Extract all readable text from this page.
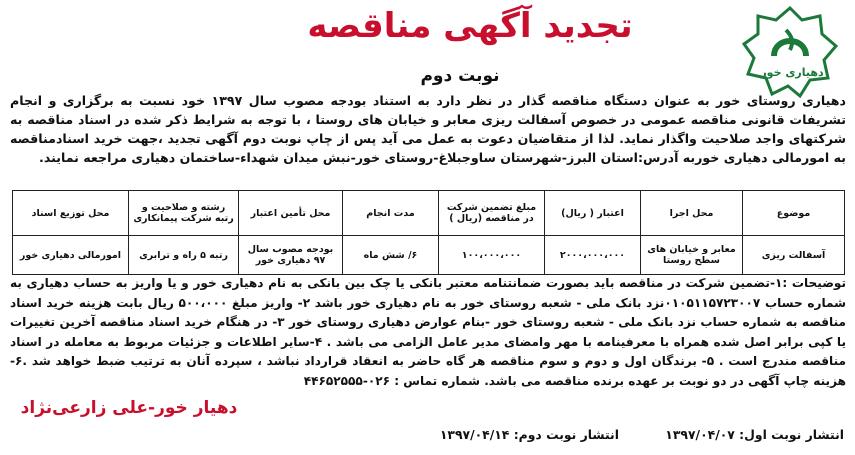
تجدید آگهی مناقصه
نوبت دوم	دهیاری خور
دهیاری روستای خور به عنوان دستگاه مناقصه گذار در نظر دارد به استناد بودجه مصوب سال ۱۳۹۷ خود نسبت به برگزاری و انجام تشریفات قانونی مناقصه عمومی در خصوص آسفالت ریزی معابر و خیابان های روستا ، با توجه به شرایط ذکر شده در اسناد مناقصه به شرکتهای واجد صلاحیت واگذار نماید. لذا از متقاضیان دعوت به عمل می آید پس از چاپ نوبت دوم آگهی تجدید ،جهت خرید اسنادمناقصه به امورمالی دهیاری خوربه آدرس:استان البرز-شهرستان ساوجبلاغ-روستای خور-نبش میدان شهداء-ساختمان دهیاری مراجعه نمایند.
موضوع	محل اجرا	اعتبار ( ریال)	مبلغ تضمین شرکت در مناقصه (ریال )	مدت انجام	محل تأمین اعتبار	رشته و صلاحیت و رتبه شرکت پیمانکاری	محل توزیع اسناد
آسفالت ریزی	معابر و خیابان های سطح روستا	۲۰۰۰،۰۰۰،۰۰۰	۱۰۰،۰۰۰،۰۰۰	۶/ شش ماه	بودجه مصوب سال ۹۷ دهیاری خور	رتبه ۵ راه و ترابری	امورمالی دهیاری خور
توضیحات :۱-تضمین شرکت در مناقصه باید بصورت ضمانتنامه معتبر بانکی یا چک بین بانکی به نام دهیاری خور و یا واریز به حساب دهیاری به شماره حساب ۰۱۰۵۱۱۵۷۲۳۰۰۷نزد بانک ملی - شعبه روستای خور به نام دهیاری خور باشد ۲- واریز مبلغ ۵۰۰،۰۰۰ ریال بابت هزینه خرید اسناد مناقصه به شماره حساب نزد بانک ملی - شعبه روستای خور -بنام عوارض دهیاری روستای خور ۳- در هنگام خرید اسناد مناقصه آخرین تغییرات یا کپی برابر اصل شده همراه با معرفینامه با مهر وامضای مدیر عامل الزامی می باشد . ۴-سایر اطلاعات و جزئیات مربوط به معامله در اسناد مناقصه مندرج است . ۵- برندگان اول و دوم و سوم مناقصه هر گاه حاضر به انعقاد قرارداد نباشد ، سپرده آنان به ترتیب ضبط خواهد شد .۶- هزینه چاپ آگهی در دو نوبت بر عهده برنده مناقصه می باشد. شماره تماس : ۰۲۶-۴۴۶۵۲۵۵۵
دهیار خور-علی زارعی‌نژاد
انتشار نوبت اول: ۱۳۹۷/۰۴/۰۷ انتشار نوبت دوم: ۱۳۹۷/۰۴/۱۴
